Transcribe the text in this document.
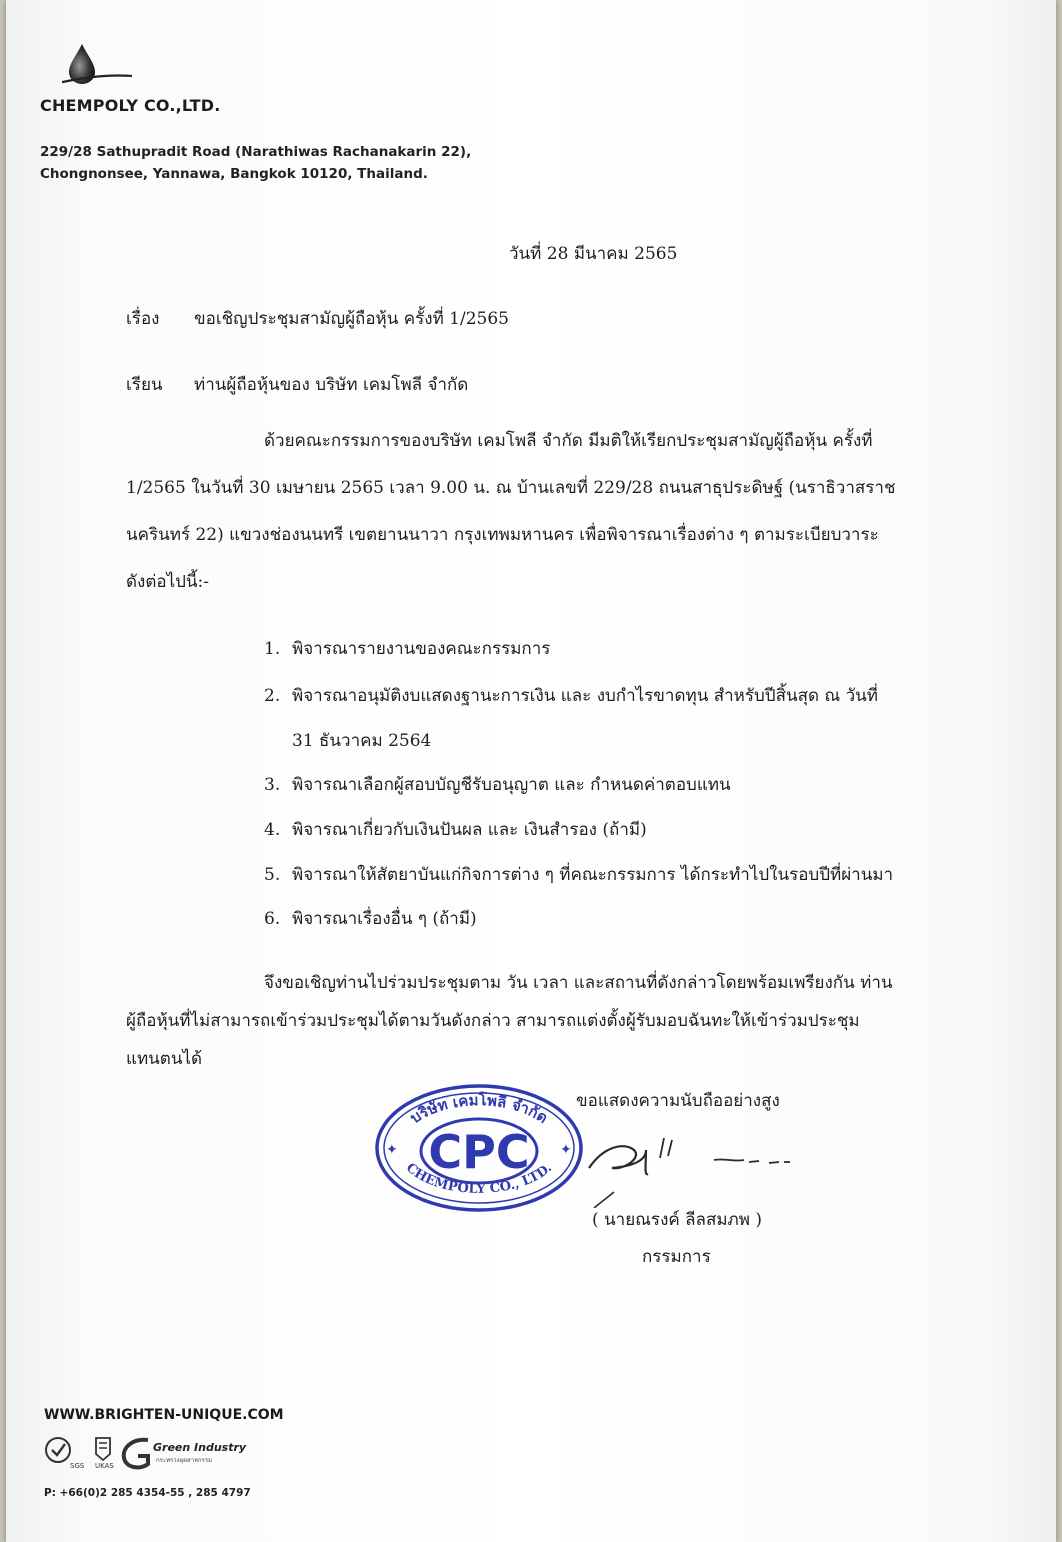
CHEMPOLY CO.,LTD.
229/28 Sathupradit Road (Narathiwas Rachanakarin 22),
Chongnonsee, Yannawa, Bangkok 10120, Thailand.
วันที่ 28 มีนาคม 2565
เรื่อง ขอเชิญประชุมสามัญผู้ถือหุ้น ครั้งที่ 1/2565
เรียน ท่านผู้ถือหุ้นของ บริษัท เคมโพลี จำกัด
ด้วยคณะกรรมการของบริษัท เคมโพลี จำกัด มีมติให้เรียกประชุมสามัญผู้ถือหุ้น ครั้งที่
1/2565 ในวันที่ 30 เมษายน 2565 เวลา 9.00 น. ณ บ้านเลขที่ 229/28 ถนนสาธุประดิษฐ์ (นราธิวาสราช
นครินทร์ 22) แขวงช่องนนทรี เขตยานนาวา กรุงเทพมหานคร เพื่อพิจารณาเรื่องต่าง ๆ ตามระเบียบวาระ
ดังต่อไปนี้:-
1. พิจารณารายงานของคณะกรรมการ
2. พิจารณาอนุมัติงบแสดงฐานะการเงิน และ งบกำไรขาดทุน สำหรับปีสิ้นสุด ณ วันที่
31 ธันวาคม 2564
3. พิจารณาเลือกผู้สอบบัญชีรับอนุญาต และ กำหนดค่าตอบแทน
4. พิจารณาเกี่ยวกับเงินปันผล และ เงินสำรอง (ถ้ามี)
5. พิจารณาให้สัตยาบันแก่กิจการต่าง ๆ ที่คณะกรรมการ ได้กระทำไปในรอบปีที่ผ่านมา
6. พิจารณาเรื่องอื่น ๆ (ถ้ามี)
จึงขอเชิญท่านไปร่วมประชุมตาม วัน เวลา และสถานที่ดังกล่าวโดยพร้อมเพรียงกัน ท่าน
ผู้ถือหุ้นที่ไม่สามารถเข้าร่วมประชุมได้ตามวันดังกล่าว สามารถแต่งตั้งผู้รับมอบฉันทะให้เข้าร่วมประชุม
แทนตนได้
ขอแสดงความนับถืออย่างสูง
บริษัท เคมโพลี จำกัด
CPC
CHEMPOLY CO., LTD.
✦	✦
( นายณรงค์ ลีลสมภพ )
กรรมการ
WWW.BRIGHTEN-UNIQUE.COM
SGS UKAS
Green Industry
กระทรวงอุตสาหกรรม
P: +66(0)2 285 4354-55 , 285 4797
